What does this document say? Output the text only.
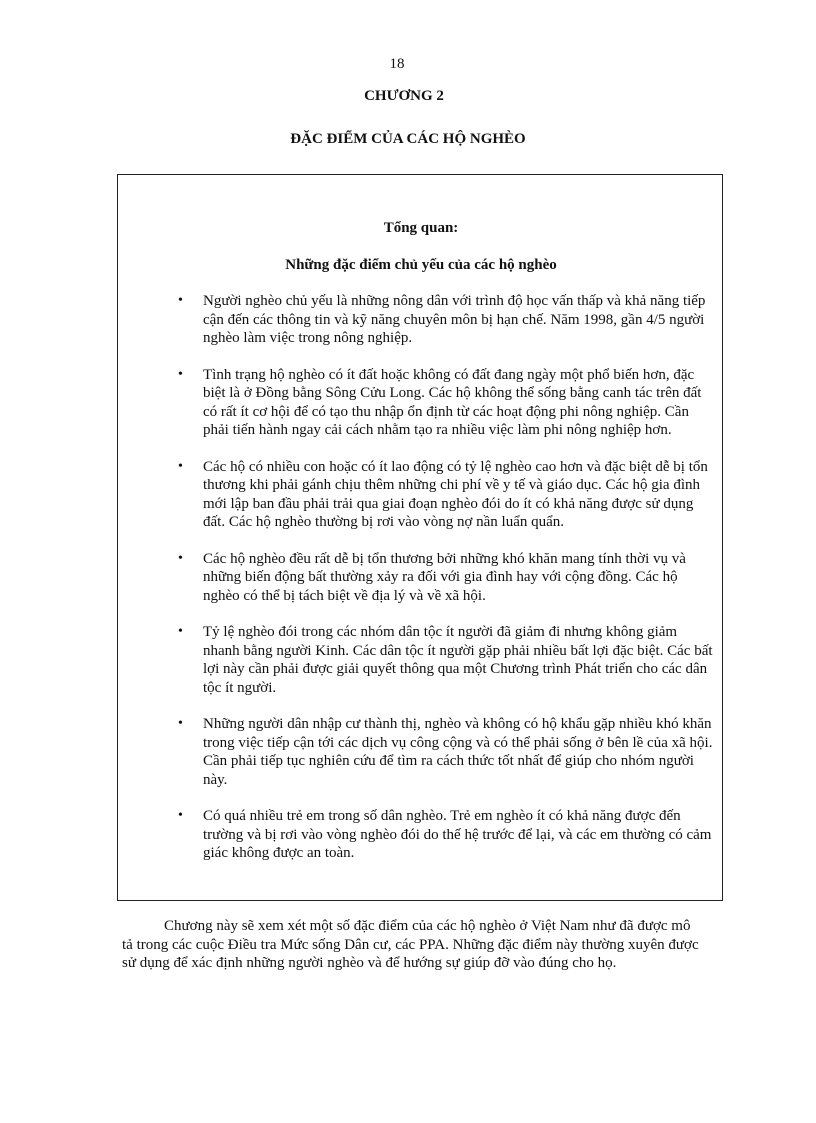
18
CHƯƠNG 2
ĐẶC ĐIỂM CỦA CÁC HỘ NGHÈO
Tổng quan:
Những đặc điểm chủ yếu của các hộ nghèo
• Người nghèo chủ yếu là những nông dân với trình độ học vấn thấp và khả năng tiếp cận đến các thông tin và kỹ năng chuyên môn bị hạn chế. Năm 1998, gần 4/5 người nghèo làm việc trong nông nghiệp.
• Tình trạng hộ nghèo có ít đất hoặc không có đất đang ngày một phổ biến hơn, đặc biệt là ở Đồng bằng Sông Cửu Long. Các hộ không thể sống bằng canh tác trên đất có rất ít cơ hội để có tạo thu nhập ổn định từ các hoạt động phi nông nghiệp. Cần phải tiến hành ngay cải cách nhằm tạo ra nhiều việc làm phi nông nghiệp hơn.
• Các hộ có nhiều con hoặc có ít lao động có tỷ lệ nghèo cao hơn và đặc biệt dễ bị tổn thương khi phải gánh chịu thêm những chi phí về y tế và giáo dục. Các hộ gia đình mới lập ban đầu phải trải qua giai đoạn nghèo đói do ít có khả năng được sử dụng đất. Các hộ nghèo thường bị rơi vào vòng nợ nần luẩn quẩn.
• Các hộ nghèo đều rất dễ bị tổn thương bởi những khó khăn mang tính thời vụ và những biến động bất thường xảy ra đối với gia đình hay với cộng đồng. Các hộ nghèo có thể bị tách biệt về địa lý và về xã hội.
• Tỷ lệ nghèo đói trong các nhóm dân tộc ít người đã giảm đi nhưng không giảm nhanh bằng người Kinh. Các dân tộc ít người gặp phải nhiều bất lợi đặc biệt. Các bất lợi này cần phải được giải quyết thông qua một Chương trình Phát triển cho các dân tộc ít người.
• Những người dân nhập cư thành thị, nghèo và không có hộ khẩu gặp nhiều khó khăn trong việc tiếp cận tới các dịch vụ công cộng và có thể phải sống ở bên lề của xã hội. Cần phải tiếp tục nghiên cứu để tìm ra cách thức tốt nhất để giúp cho nhóm người này.
• Có quá nhiều trẻ em trong số dân nghèo. Trẻ em nghèo ít có khả năng được đến trường và bị rơi vào vòng nghèo đói do thế hệ trước để lại, và các em thường có cảm giác không được an toàn.

Chương này sẽ xem xét một số đặc điểm của các hộ nghèo ở Việt Nam như đã được mô tả trong các cuộc Điều tra Mức sống Dân cư, các PPA. Những đặc điểm này thường xuyên được sử dụng để xác định những người nghèo và để hướng sự giúp đỡ vào đúng cho họ.
